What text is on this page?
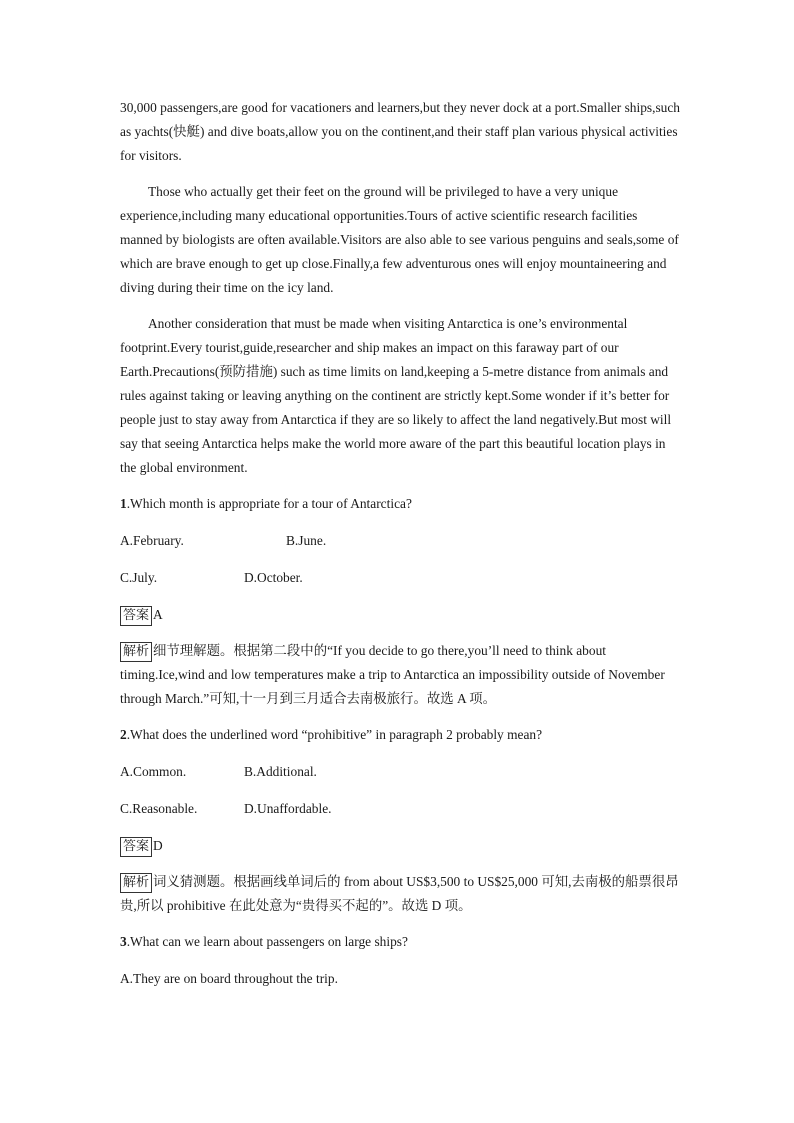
30,000 passengers,are good for vacationers and learners,but they never dock at a port.Smaller ships,such as yachts(快艇) and dive boats,allow you on the continent,and their staff plan various physical activities for visitors.

Those who actually get their feet on the ground will be privileged to have a very unique experience,including many educational opportunities.Tours of active scientific research facilities manned by biologists are often available.Visitors are also able to see various penguins and seals,some of which are brave enough to get up close.Finally,a few adventurous ones will enjoy mountaineering and diving during their time on the icy land.

Another consideration that must be made when visiting Antarctica is one’s environmental footprint.Every tourist,guide,researcher and ship makes an impact on this faraway part of our Earth.Precautions(预防措施) such as time limits on land,keeping a 5-metre distance from animals and rules against taking or leaving anything on the continent are strictly kept.Some wonder if it’s better for people just to stay away from Antarctica if they are so likely to affect the land negatively.But most will say that seeing Antarctica helps make the world more aware of the part this beautiful location plays in the global environment.

1.Which month is appropriate for a tour of Antarctica?
A.February.	B.June.
C.July.	D.October.
答案 A
解析 细节理解题。根据第二段中的“If you decide to go there,you’ll need to think about timing.Ice,wind and low temperatures make a trip to Antarctica an impossibility outside of November through March.”可知,十一月到三月适合去南极旅行。故选 A 项。
2.What does the underlined word “prohibitive” in paragraph 2 probably mean?
A.Common.	B.Additional.
C.Reasonable.	D.Unaffordable.
答案 D
解析 词义猜测题。根据画线单词后的 from about US$3,500 to US$25,000 可知,去南极的船票很昂贵,所以 prohibitive 在此处意为“贵得买不起的”。故选 D 项。
3.What can we learn about passengers on large ships?
A.They are on board throughout the trip.
